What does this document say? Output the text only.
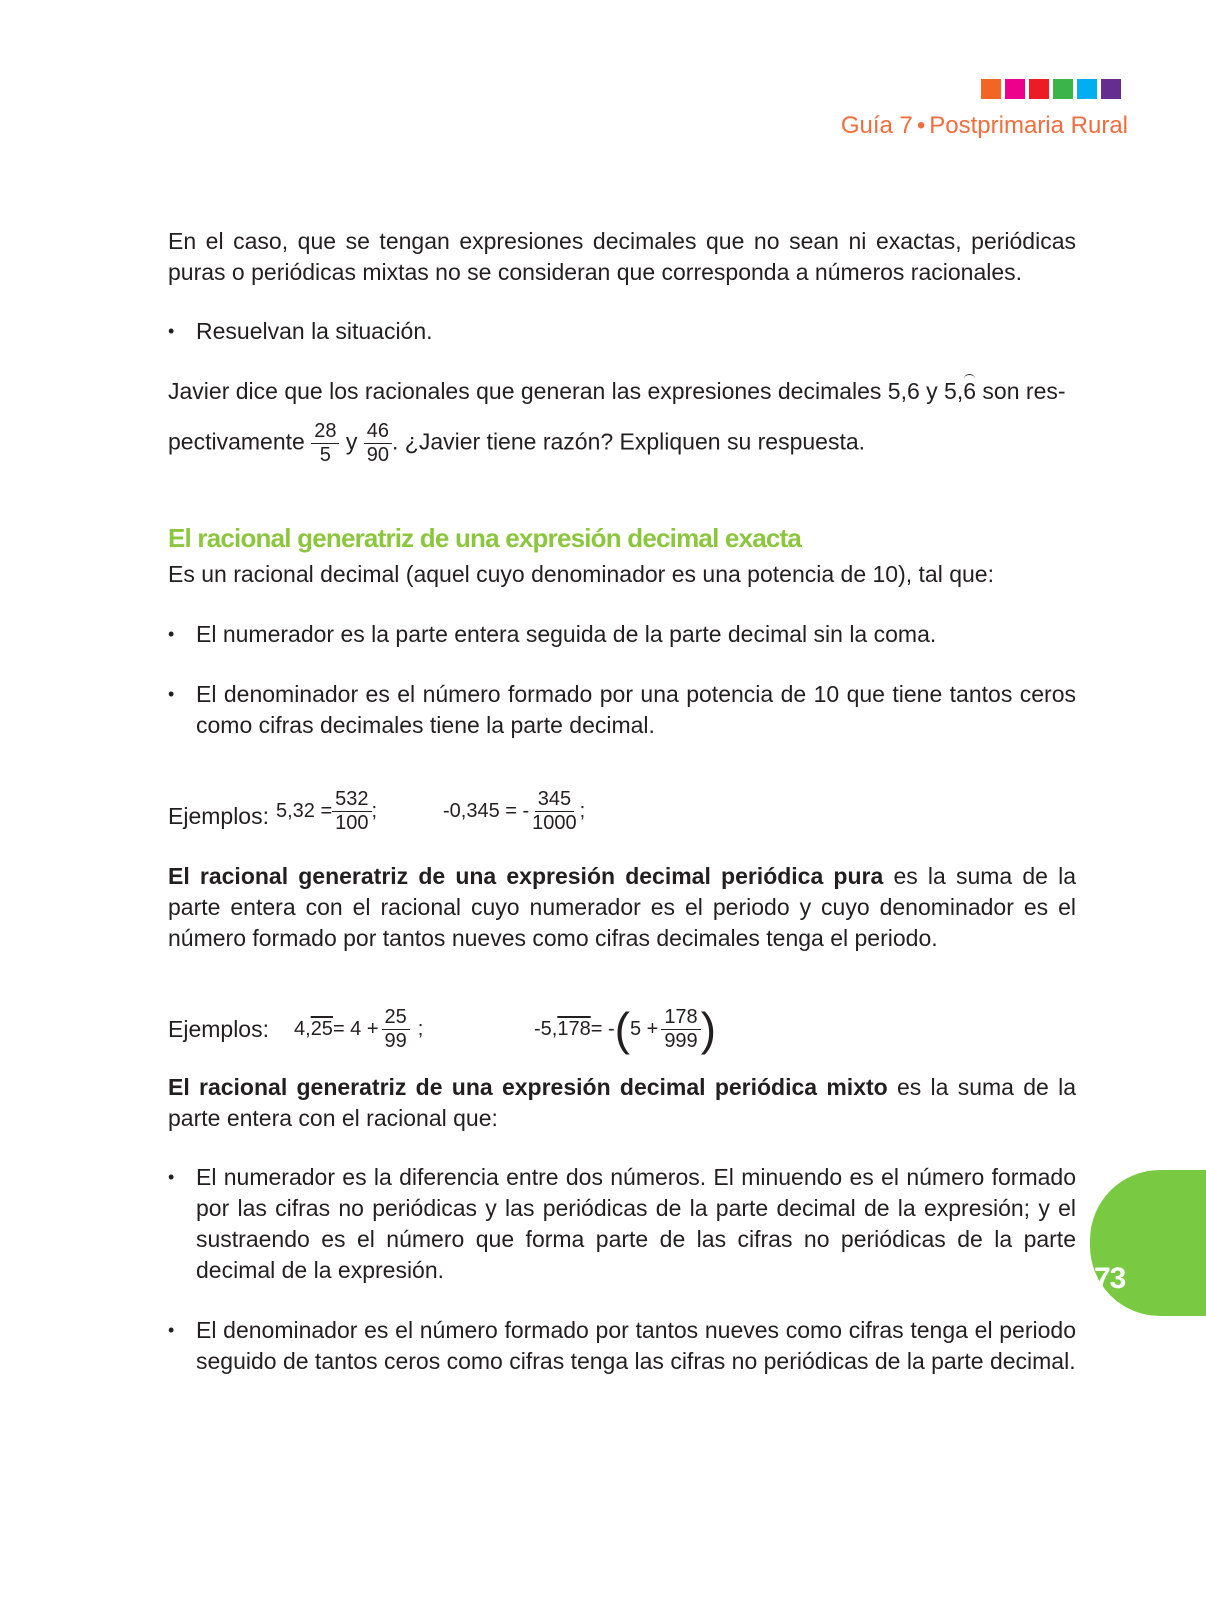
Guía 7 • Postprimaria Rural

En el caso, que se tengan expresiones decimales que no sean ni exactas, periódicas puras o periódicas mixtas no se consideran que corresponda a números racionales.

• Resuelvan la situación.
Javier dice que los racionales que generan las expresiones decimales 5,6 y 5,6 son res-
pectivamente $\frac{28}{5}$ y $\frac{46}{90}$ . ¿Javier tiene razón? Expliquen su respuesta.
El racional generatriz de una expresión decimal exacta

Es un racional decimal (aquel cuyo denominador es una potencia de 10), tal que:

• El numerador es la parte entera seguida de la parte decimal sin la coma.
• El denominador es el número formado por una potencia de 10 que tiene tantos ceros como cifras decimales tiene la parte decimal.
Ejemplos: $5,32 = \frac{532}{100}$ ;	-0,345 = - $\frac{345}{1000}$ ;

El racional generatriz de una expresión decimal periódica pura es la suma de la parte entera con el racional cuyo numerador es el periodo y cuyo denominador es el número formado por tantos nueves como cifras decimales tenga el periodo.

Ejemplos: 4, $25 = 4 + \frac{25}{99}$ ;	-5, 178 = - ( $5 + \frac{178}{999}$ )

El racional generatriz de una expresión decimal periódica mixto es la suma de la parte entera con el racional que:

• El numerador es la diferencia entre dos números. El minuendo es el número formado por las cifras no periódicas y las periódicas de la parte decimal de la expresión; y el sustraendo es el número que forma parte de las cifras no periódicas de la parte decimal de la expresión.
• El denominador es el número formado por tantos nueves como cifras tenga el periodo seguido de tantos ceros como cifras tenga las cifras no periódicas de la parte decimal.
73
